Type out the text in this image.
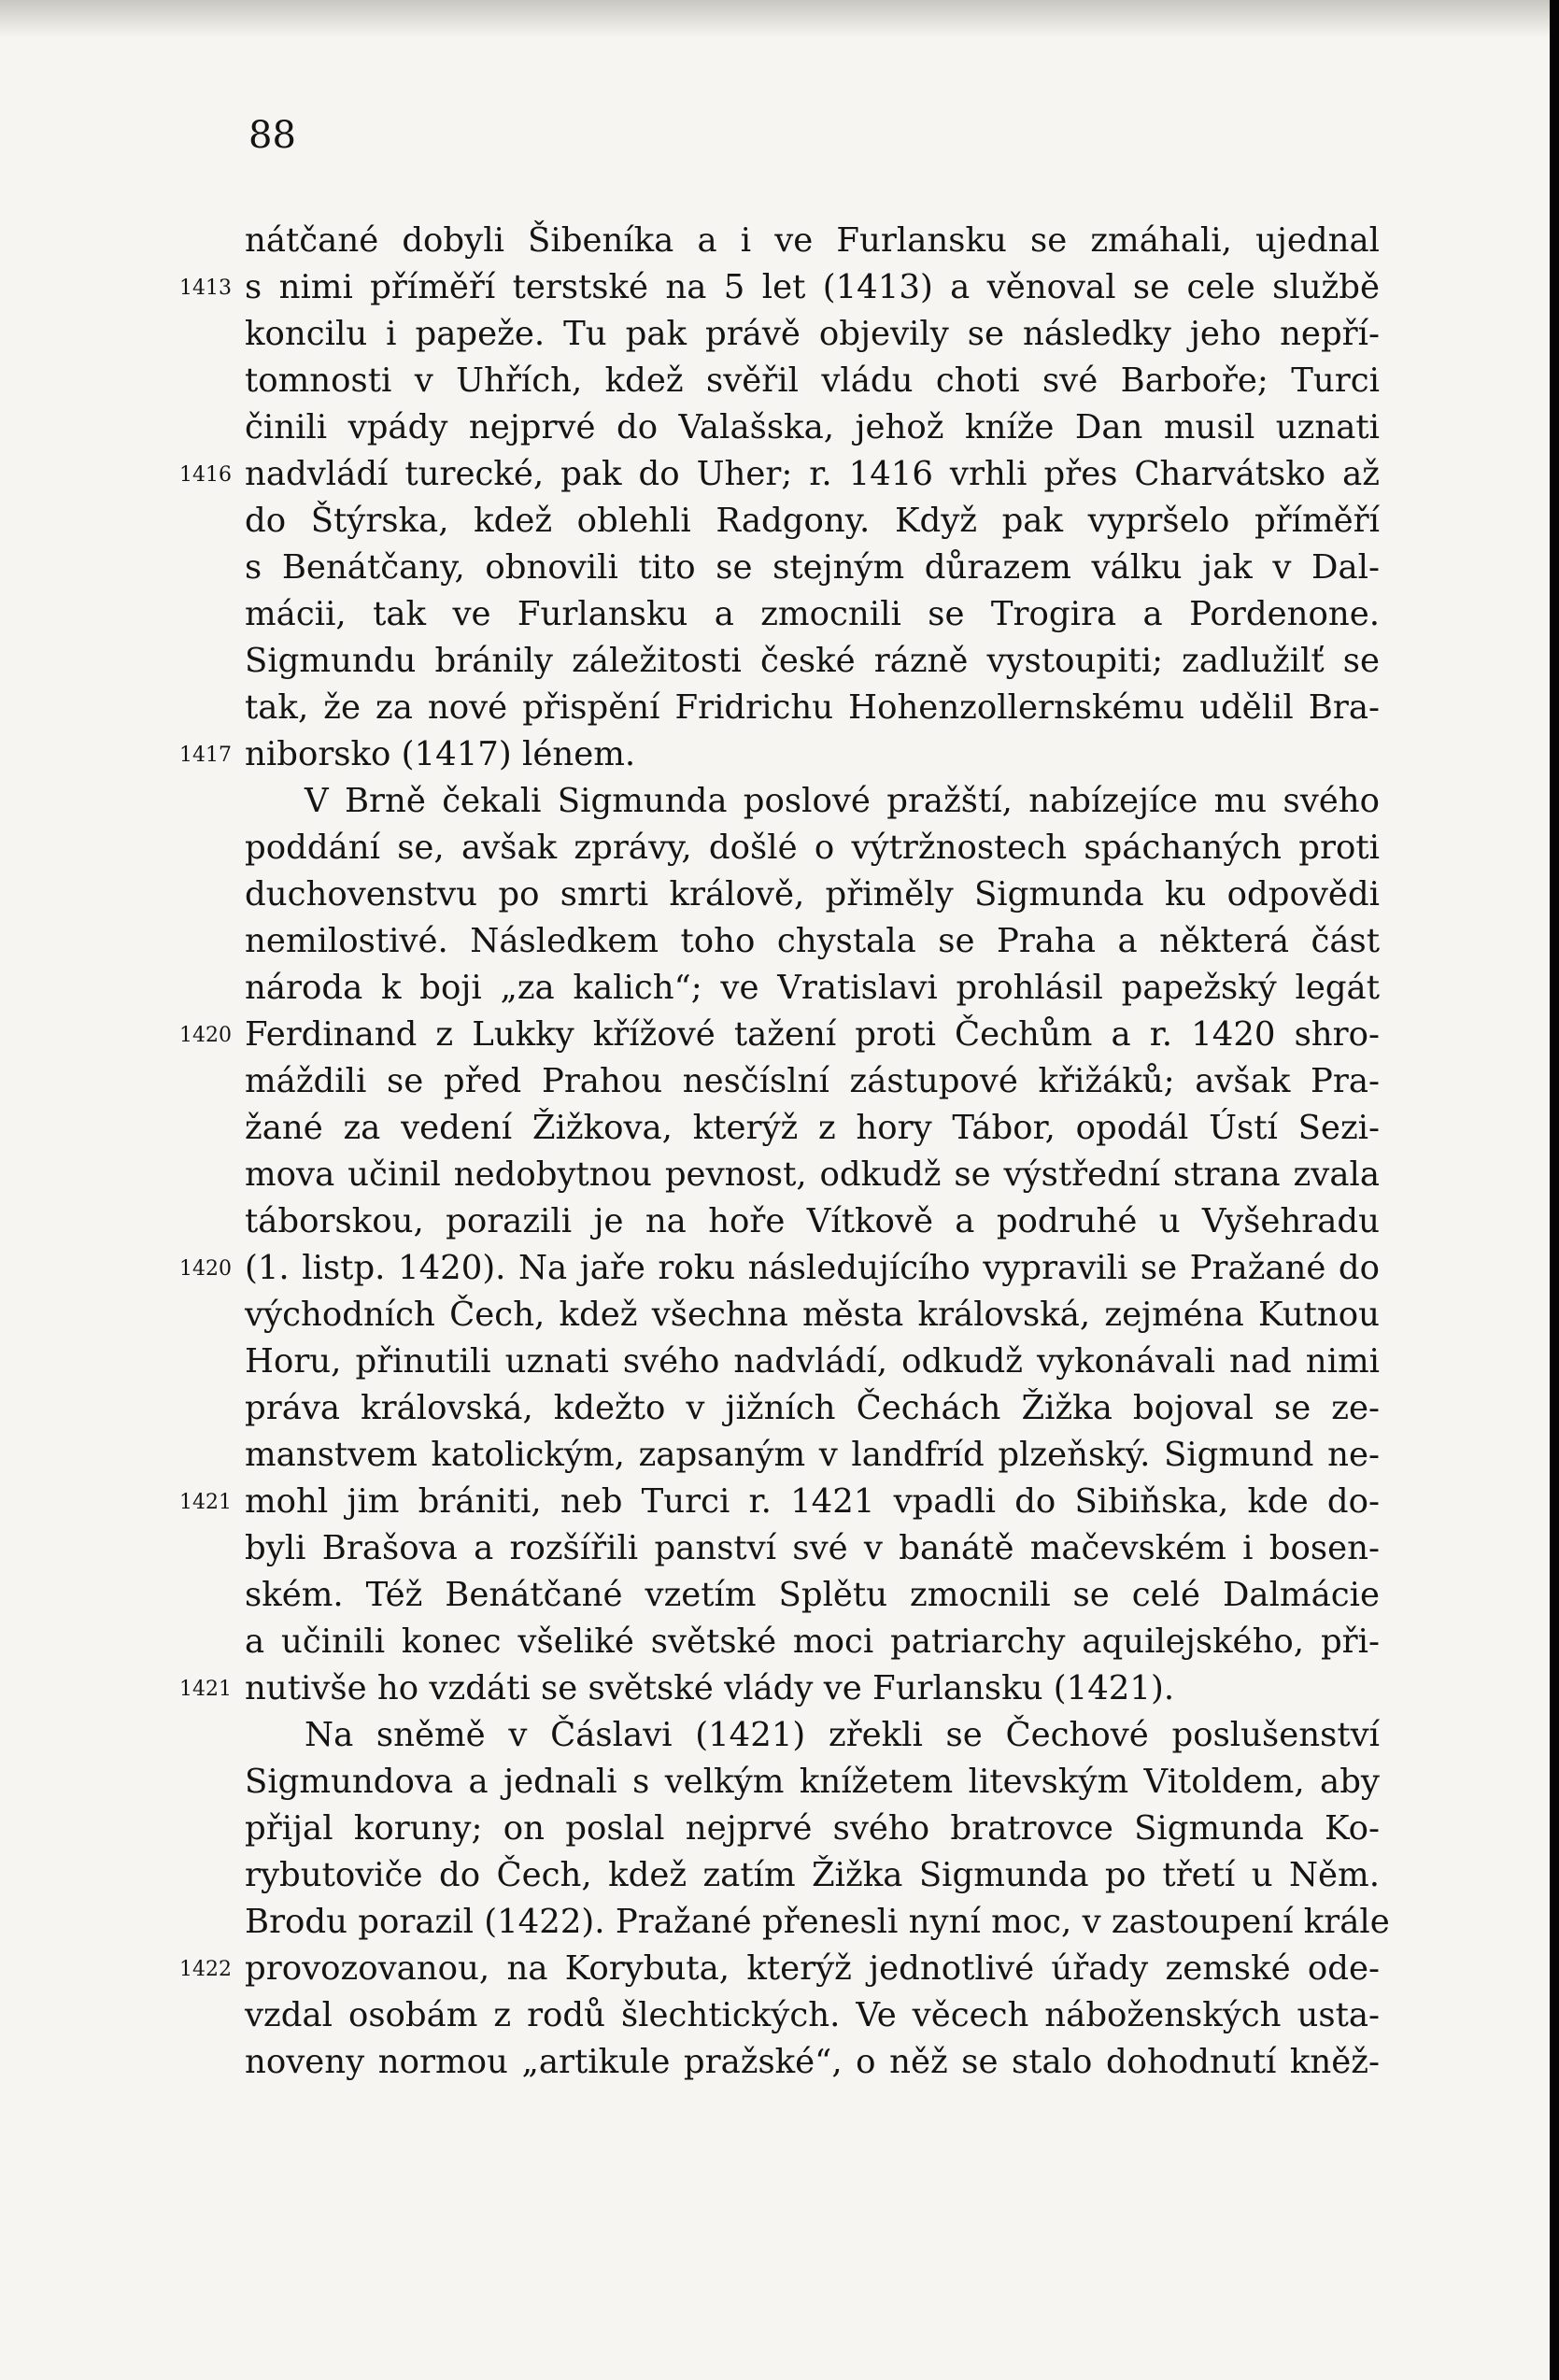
88
nátčané dobyli Šibeníka a i ve Furlansku se zmáhali, ujednal
s nimi příměří terstské na 5 let (1413) a věnoval se cele službě
koncilu i papeže. Tu pak právě objevily se následky jeho nepří-
tomnosti v Uhřích, kdež svěřil vládu choti své Barboře; Turci
činili vpády nejprvé do Valašska, jehož kníže Dan musil uznati
nadvládí turecké, pak do Uher; r. 1416 vrhli přes Charvátsko až
do Štýrska, kdež oblehli Radgony. Když pak vypršelo příměří
s Benátčany, obnovili tito se stejným důrazem válku jak v Dal-
mácii, tak ve Furlansku a zmocnili se Trogira a Pordenone.
Sigmundu bránily záležitosti české rázně vystoupiti; zadlužilť se
tak, že za nové přispění Fridrichu Hohenzollernskému udělil Bra-
niborsko (1417) lénem.
V Brně čekali Sigmunda poslové pražští, nabízejíce mu svého
poddání se, avšak zprávy, došlé o výtržnostech spáchaných proti
duchovenstvu po smrti králově, přiměly Sigmunda ku odpovědi
nemilostivé. Následkem toho chystala se Praha a některá část
národa k boji „za kalich“; ve Vratislavi prohlásil papežský legát
Ferdinand z Lukky křížové tažení proti Čechům a r. 1420 shro-
máždili se před Prahou nesčíslní zástupové křižáků; avšak Pra-
žané za vedení Žižkova, kterýž z hory Tábor, opodál Ústí Sezi-
mova učinil nedobytnou pevnost, odkudž se výstřední strana zvala
táborskou, porazili je na hoře Vítkově a podruhé u Vyšehradu
(1. listp. 1420). Na jaře roku následujícího vypravili se Pražané do
východních Čech, kdež všechna města královská, zejména Kutnou
Horu, přinutili uznati svého nadvládí, odkudž vykonávali nad nimi
práva královská, kdežto v jižních Čechách Žižka bojoval se ze-
manstvem katolickým, zapsaným v landfríd plzeňský. Sigmund ne-
mohl jim brániti, neb Turci r. 1421 vpadli do Sibiňska, kde do-
byli Brašova a rozšířili panství své v banátě mačevském i bosen-
ském. Též Benátčané vzetím Splětu zmocnili se celé Dalmácie
a učinili konec všeliké světské moci patriarchy aquilejského, při-
nutivše ho vzdáti se světské vlády ve Furlansku (1421).
Na sněmě v Čáslavi (1421) zřekli se Čechové poslušenství
Sigmundova a jednali s velkým knížetem litevským Vitoldem, aby
přijal koruny; on poslal nejprvé svého bratrovce Sigmunda Ko-
rybutoviče do Čech, kdež zatím Žižka Sigmunda po třetí u Něm.
Brodu porazil (1422). Pražané přenesli nyní moc, v zastoupení krále
provozovanou, na Korybuta, kterýž jednotlivé úřady zemské ode-
vzdal osobám z rodů šlechtických. Ve věcech náboženských usta-
noveny normou „artikule pražské“, o něž se stalo dohodnutí kněž-
1413
1416
1417
1420
1420
1421
1421
1422
